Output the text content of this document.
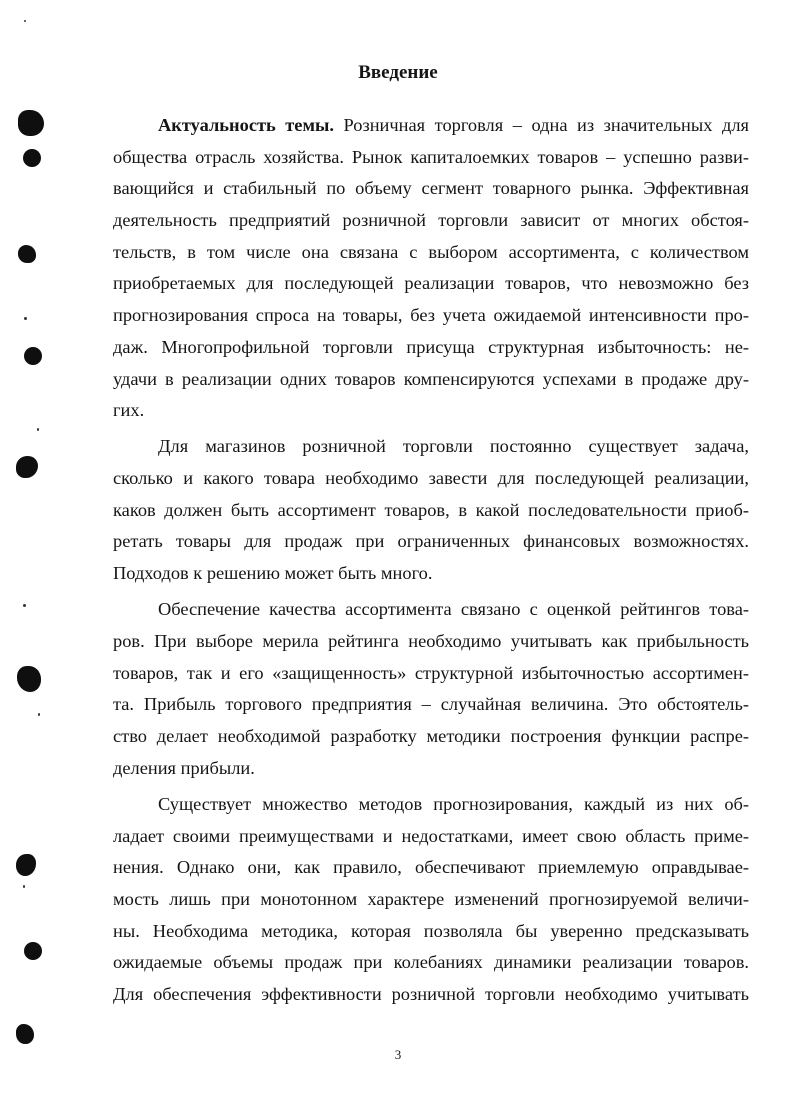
Введение
Актуальность темы. Розничная торговля – одна из значительных для
общества отрасль хозяйства. Рынок капиталоемких товаров – успешно разви-
вающийся и стабильный по объему сегмент товарного рынка. Эффективная
деятельность предприятий розничной торговли зависит от многих обстоя-
тельств, в том числе она связана с выбором ассортимента, с количеством
приобретаемых для последующей реализации товаров, что невозможно без
прогнозирования спроса на товары, без учета ожидаемой интенсивности про-
даж. Многопрофильной торговли присуща структурная избыточность: не-
удачи в реализации одних товаров компенсируются успехами в продаже дру-
гих.
Для магазинов розничной торговли постоянно существует задача,
сколько и какого товара необходимо завести для последующей реализации,
каков должен быть ассортимент товаров, в какой последовательности приоб-
ретать товары для продаж при ограниченных финансовых возможностях.
Подходов к решению может быть много.
Обеспечение качества ассортимента связано с оценкой рейтингов това-
ров. При выборе мерила рейтинга необходимо учитывать как прибыльность
товаров, так и его «защищенность» структурной избыточностью ассортимен-
та. Прибыль торгового предприятия – случайная величина. Это обстоятель-
ство делает необходимой разработку методики построения функции распре-
деления прибыли.
Существует множество методов прогнозирования, каждый из них об-
ладает своими преимуществами и недостатками, имеет свою область приме-
нения. Однако они, как правило, обеспечивают приемлемую оправдывае-
мость лишь при монотонном характере изменений прогнозируемой величи-
ны. Необходима методика, которая позволяла бы уверенно предсказывать
ожидаемые объемы продаж при колебаниях динамики реализации товаров.
Для обеспечения эффективности розничной торговли необходимо учитывать
3
